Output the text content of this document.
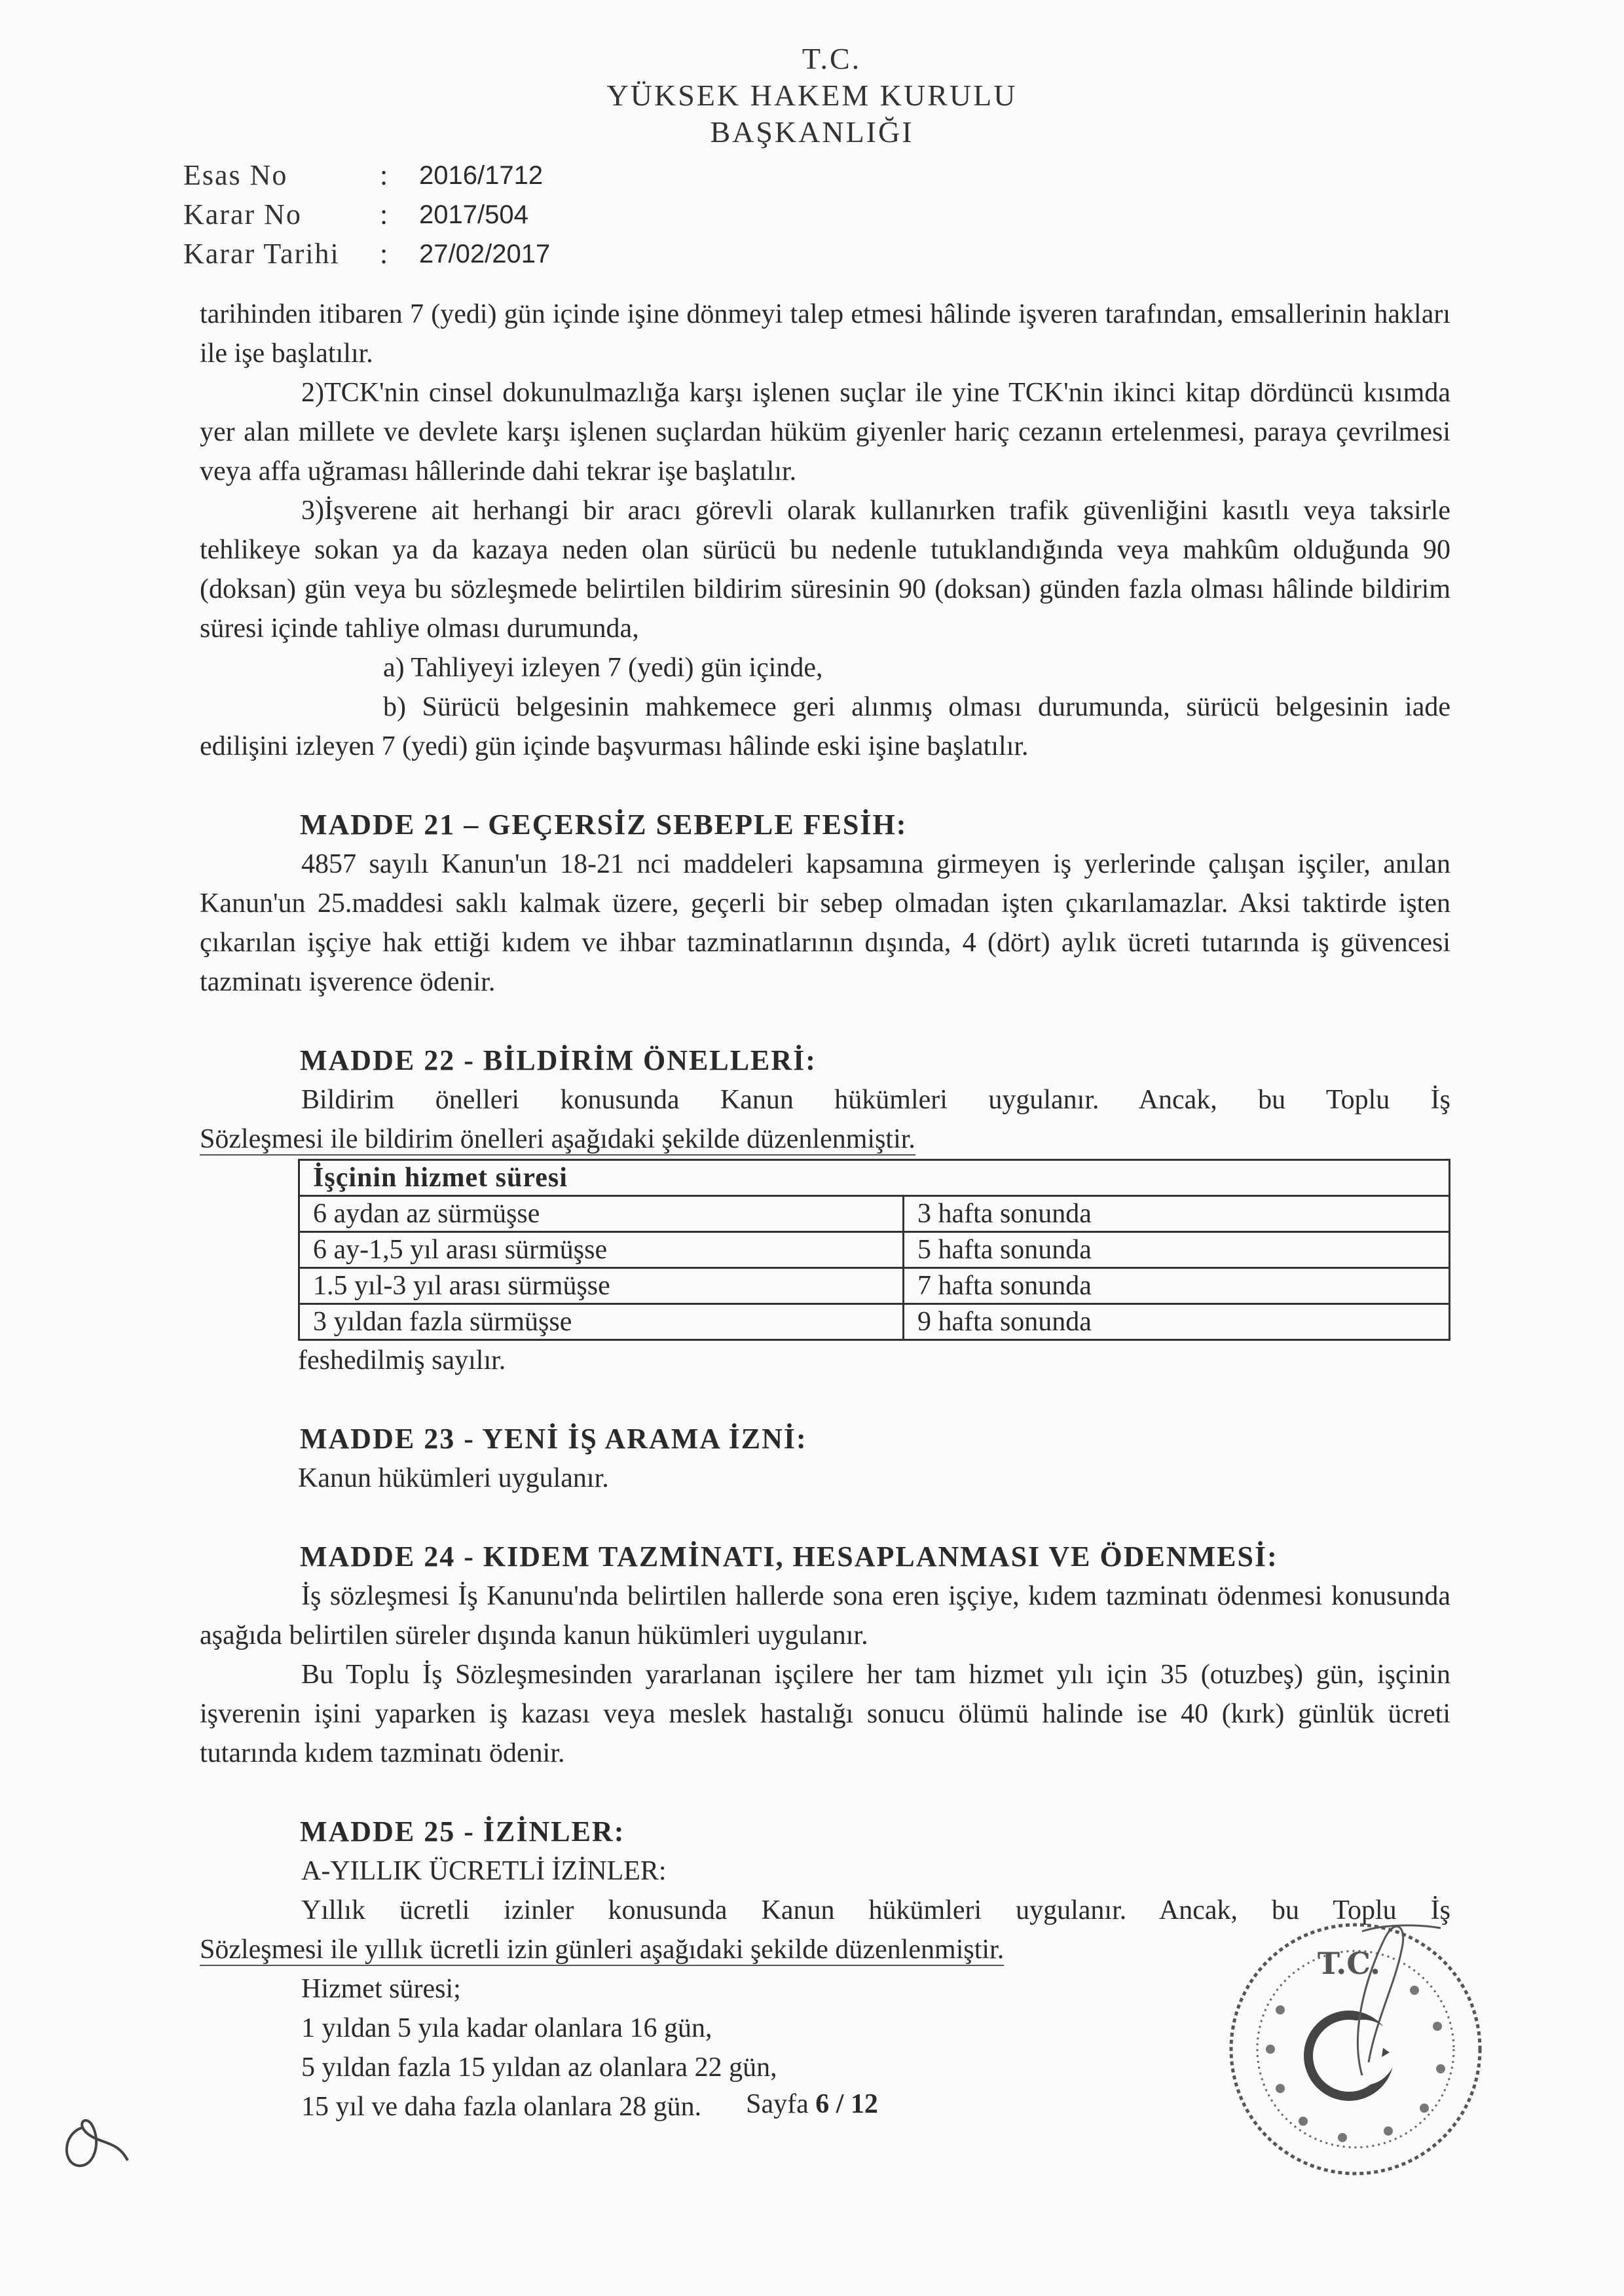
T.C.
YÜKSEK HAKEM KURULU
BAŞKANLIĞI
Esas No	:	2016/1712
Karar No	:	2017/504
Karar Tarihi	:	27/02/2017

tarihinden itibaren 7 (yedi) gün içinde işine dönmeyi talep etmesi hâlinde işveren tarafından, emsallerinin hakları ile işe başlatılır.

2)TCK'nin cinsel dokunulmazlığa karşı işlenen suçlar ile yine TCK'nin ikinci kitap dördüncü kısımda yer alan millete ve devlete karşı işlenen suçlardan hüküm giyenler hariç cezanın ertelenmesi, paraya çevrilmesi veya affa uğraması hâllerinde dahi tekrar işe başlatılır.

3)İşverene ait herhangi bir aracı görevli olarak kullanırken trafik güvenliğini kasıtlı veya taksirle tehlikeye sokan ya da kazaya neden olan sürücü bu nedenle tutuklandığında veya mahkûm olduğunda 90 (doksan) gün veya bu sözleşmede belirtilen bildirim süresinin 90 (doksan) günden fazla olması hâlinde bildirim süresi içinde tahliye olması durumunda,

a) Tahliyeyi izleyen 7 (yedi) gün içinde,

b) Sürücü belgesinin mahkemece geri alınmış olması durumunda, sürücü belgesinin iade edilişini izleyen 7 (yedi) gün içinde başvurması hâlinde eski işine başlatılır.

MADDE 21 – GEÇERSİZ SEBEPLE FESİH:

4857 sayılı Kanun'un 18-21 nci maddeleri kapsamına girmeyen iş yerlerinde çalışan işçiler, anılan Kanun'un 25.maddesi saklı kalmak üzere, geçerli bir sebep olmadan işten çıkarılamazlar. Aksi taktirde işten çıkarılan işçiye hak ettiği kıdem ve ihbar tazminatlarının dışında, 4 (dört) aylık ücreti tutarında iş güvencesi tazminatı işverence ödenir.

MADDE 22 - BİLDİRİM ÖNELLERİ:

Bildirim önelleri konusunda Kanun hükümleri uygulanır. Ancak, bu Toplu İş

Sözleşmesi ile bildirim önelleri aşağıdaki şekilde düzenlenmiştir.

İşçinin hizmet süresi	
6 aydan az sürmüşse	3 hafta sonunda
6 ay-1,5 yıl arası sürmüşse	5 hafta sonunda
1.5 yıl-3 yıl arası sürmüşse	7 hafta sonunda
3 yıldan fazla sürmüşse	9 hafta sonunda

feshedilmiş sayılır.

MADDE 23 - YENİ İŞ ARAMA İZNİ:

Kanun hükümleri uygulanır.

MADDE 24 - KIDEM TAZMİNATI, HESAPLANMASI VE ÖDENMESİ:

İş sözleşmesi İş Kanunu'nda belirtilen hallerde sona eren işçiye, kıdem tazminatı ödenmesi konusunda aşağıda belirtilen süreler dışında kanun hükümleri uygulanır.

Bu Toplu İş Sözleşmesinden yararlanan işçilere her tam hizmet yılı için 35 (otuzbeş) gün, işçinin işverenin işini yaparken iş kazası veya meslek hastalığı sonucu ölümü halinde ise 40 (kırk) günlük ücreti tutarında kıdem tazminatı ödenir.

MADDE 25 - İZİNLER:

A-YILLIK ÜCRETLİ İZİNLER:

Yıllık ücretli izinler konusunda Kanun hükümleri uygulanır. Ancak, bu Toplu İş

Sözleşmesi ile yıllık ücretli izin günleri aşağıdaki şekilde düzenlenmiştir.

Hizmet süresi;

1 yıldan 5 yıla kadar olanlara 16 gün,

5 yıldan fazla 15 yıldan az olanlara 22 gün,

15 yıl ve daha fazla olanlara 28 gün.	Sayfa 6 / 12
T.C.
